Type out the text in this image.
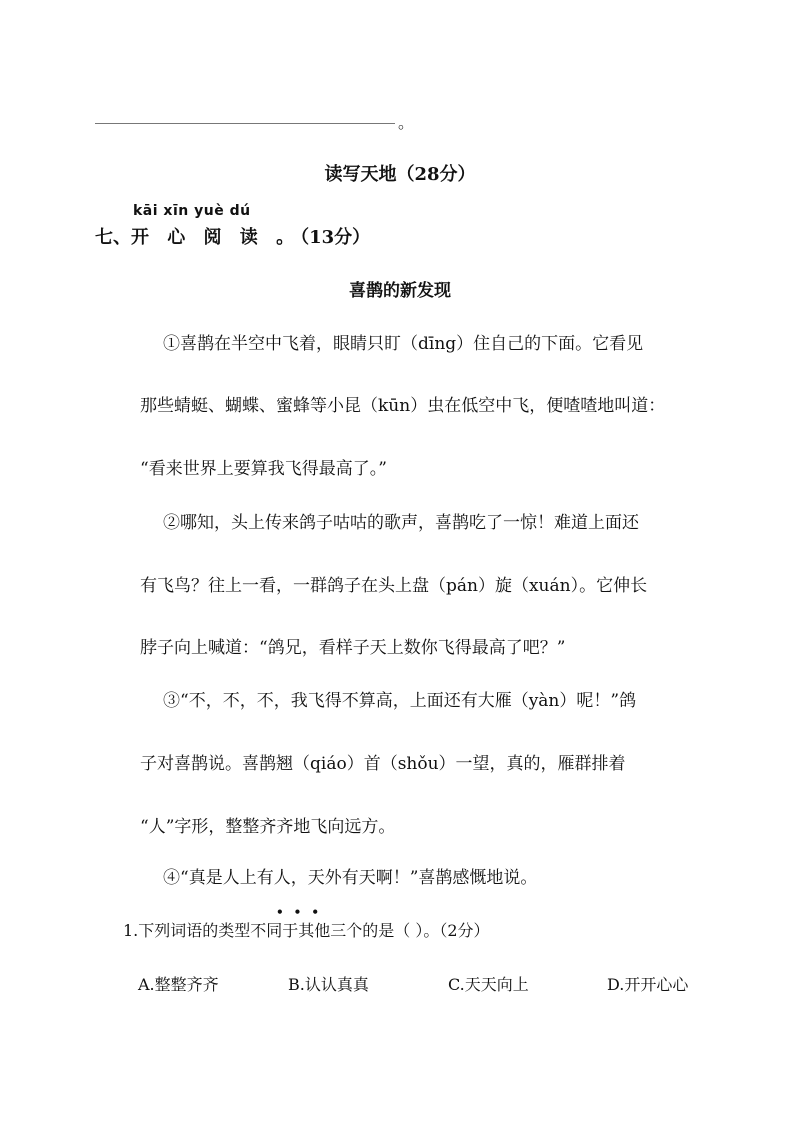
。
读写天地（28分）
kāi xīn yuè dú
七、开 心 阅 读 。（13分）
喜鹊的新发现
①喜鹊在半空中飞着，眼睛只盯（dīng）住自己的下面。它看见
那些蜻蜓、蝴蝶、蜜蜂等小昆（kūn）虫在低空中飞，便喳喳地叫道：
“看来世界上要算我飞得最高了。”
②哪知，头上传来鸽子咕咕的歌声，喜鹊吃了一惊！难道上面还
有飞鸟？往上一看，一群鸽子在头上盘（pán）旋（xuán）。它伸长
脖子向上喊道：“鸽兄，看样子天上数你飞得最高了吧？”
③“不，不，不，我飞得不算高，上面还有大雁（yàn）呢！”鸽
子对喜鹊说。喜鹊翘（qiáo）首（shǒu）一望，真的，雁群排着
“人”字形，整整齐齐地飞向远方。
④“真是人上有人，天外有天啊！”喜鹊感慨地说。
•••
1.下列词语的类型不同于其他三个的是（ ）。（2分）
A.整整齐齐	B.认认真真	C.天天向上	D.开开心心
